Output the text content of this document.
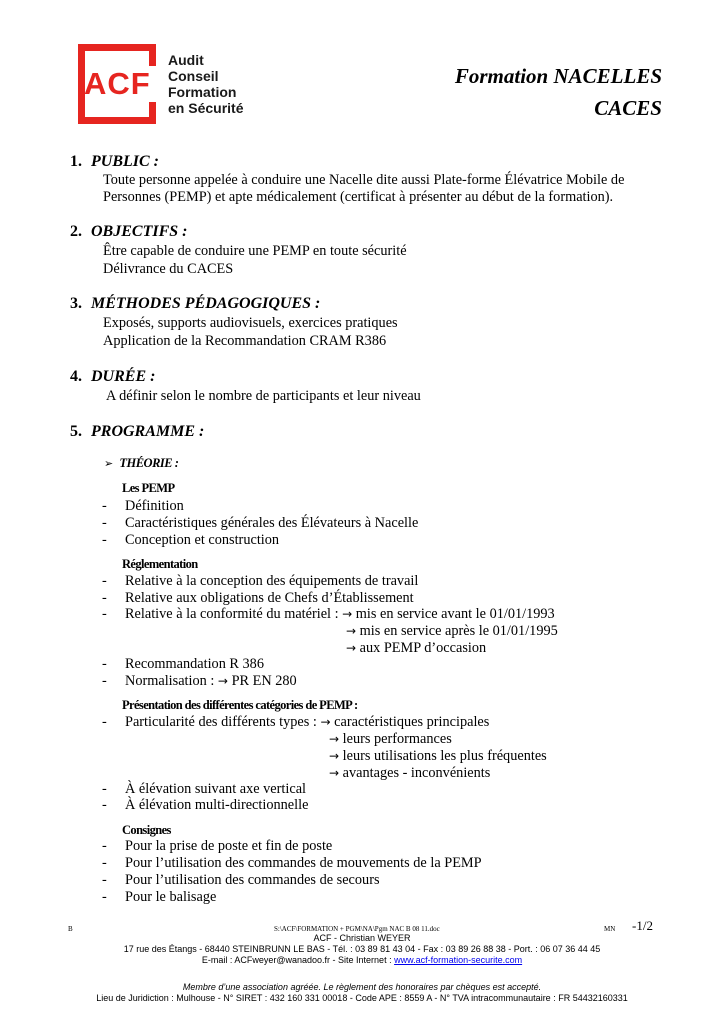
ACF
Audit
Conseil
Formation
en Sécurité
Formation NACELLES
CACES
1. PUBLIC :
Toute personne appelée à conduire une Nacelle dite aussi Plate-forme Élévatrice Mobile de
Personnes (PEMP) et apte médicalement (certificat à présenter au début de la formation).
2. OBJECTIFS :
Être capable de conduire une PEMP en toute sécurité
Délivrance du CACES
3. MÉTHODES PÉDAGOGIQUES :
Exposés, supports audiovisuels, exercices pratiques
Application de la Recommandation CRAM R386
4. DURÉE :
A définir selon le nombre de participants et leur niveau
5. PROGRAMME :
➢ THÉORIE :
Les PEMP
- Définition
- Caractéristiques générales des Élévateurs à Nacelle
- Conception et construction
Réglementation
- Relative à la conception des équipements de travail
- Relative aux obligations de Chefs d’Établissement
- Relative à la conformité du matériel : → mis en service avant le 01/01/1993
→ mis en service après le 01/01/1995
→ aux PEMP d’occasion
- Recommandation R 386
- Normalisation : → PR EN 280
Présentation des différentes catégories de PEMP :
- Particularité des différents types : → caractéristiques principales
→ leurs performances
→ leurs utilisations les plus fréquentes
→ avantages - inconvénients
- À élévation suivant axe vertical
- À élévation multi-directionnelle
Consignes
- Pour la prise de poste et fin de poste
- Pour l’utilisation des commandes de mouvements de la PEMP
- Pour l’utilisation des commandes de secours
- Pour le balisage
B	S:\ACF\FORMATION + PGM\NA\Pgm NAC B 08 11.doc	MN -1/2
ACF - Christian WEYER
17 rue des Étangs - 68440 STEINBRUNN LE BAS - Tél. : 03 89 81 43 04 - Fax : 03 89 26 88 38 - Port. : 06 07 36 44 45
E-mail : ACFweyer@wanadoo.fr - Site Internet : www.acf-formation-securite.com
Membre d’une association agréée. Le règlement des honoraires par chèques est accepté.
Lieu de Juridiction : Mulhouse - N° SIRET : 432 160 331 00018 - Code APE : 8559 A - N° TVA intracommunautaire : FR 54432160331
